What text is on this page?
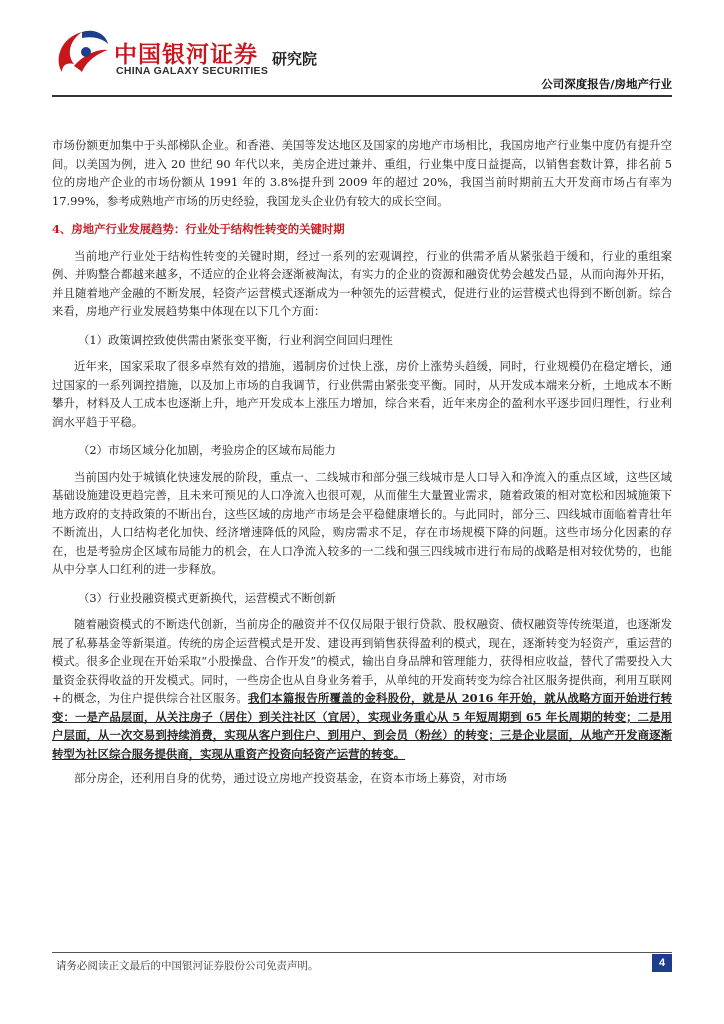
中国银河证券
CHINA GALAXY SECURITIES
研究院
公司深度报告/房地产行业

市场份额更加集中于头部梯队企业。和香港、美国等发达地区及国家的房地产市场相比，我国房地产行业集中度仍有提升空间。以美国为例，进入 20 世纪 90 年代以来，美房企进过兼并、重组，行业集中度日益提高，以销售套数计算，排名前 5 位的房地产企业的市场份额从 1991 年的 3.8%提升到 2009 年的超过 20%，我国当前时期前五大开发商市场占有率为 17.99%，参考成熟地产市场的历史经验，我国龙头企业仍有较大的成长空间。

4、房地产行业发展趋势：行业处于结构性转变的关键时期

当前地产行业处于结构性转变的关键时期，经过一系列的宏观调控，行业的供需矛盾从紧张趋于缓和，行业的重组案例、并购整合都越来越多，不适应的企业将会逐渐被淘汰，有实力的企业的资源和融资优势会越发凸显，从而向海外开拓，并且随着地产金融的不断发展，轻资产运营模式逐渐成为一种领先的运营模式，促进行业的运营模式也得到不断创新。综合来看，房地产行业发展趋势集中体现在以下几个方面：

（1）政策调控致使供需由紧张变平衡，行业利润空间回归理性

近年来，国家采取了很多卓然有效的措施，遏制房价过快上涨，房价上涨势头趋缓，同时，行业规模仍在稳定增长，通过国家的一系列调控措施，以及加上市场的自我调节，行业供需由紧张变平衡。同时，从开发成本端来分析，土地成本不断攀升，材料及人工成本也逐渐上升，地产开发成本上涨压力增加，综合来看，近年来房企的盈利水平逐步回归理性，行业利润水平趋于平稳。

（2）市场区域分化加剧，考验房企的区域布局能力

当前国内处于城镇化快速发展的阶段，重点一、二线城市和部分强三线城市是人口导入和净流入的重点区域，这些区域基础设施建设更趋完善，且未来可预见的人口净流入也很可观，从而催生大量置业需求，随着政策的相对宽松和因城施策下地方政府的支持政策的不断出台，这些区域的房地产市场是会平稳健康增长的。与此同时，部分三、四线城市面临着青壮年不断流出，人口结构老化加快、经济增速降低的风险，购房需求不足，存在市场规模下降的问题。这些市场分化因素的存在，也是考验房企区域布局能力的机会，在人口净流入较多的一二线和强三四线城市进行布局的战略是相对较优势的，也能从中分享人口红利的进一步释放。

（3）行业投融资模式更新换代，运营模式不断创新

随着融资模式的不断迭代创新，当前房企的融资并不仅仅局限于银行贷款、股权融资、债权融资等传统渠道，也逐渐发展了私募基金等新渠道。传统的房企运营模式是开发、建设再到销售获得盈利的模式，现在，逐渐转变为轻资产，重运营的模式。很多企业现在开始采取“小股操盘、合作开发”的模式，输出自身品牌和管理能力，获得相应收益，替代了需要投入大量资金获得收益的开发模式。同时，一些房企也从自身业务着手，从单纯的开发商转变为综合社区服务提供商，利用互联网+的概念，为住户提供综合社区服务。我们本篇报告所覆盖的金科股份，就是从 2016 年开始，就从战略方面开始进行转变：一是产品层面，从关注房子（居住）到关注社区（宜居），实现业务重心从 5 年短周期到 65 年长周期的转变；二是用户层面，从一次交易到持续消费，实现从客户到住户、到用户、到会员（粉丝）的转变；三是企业层面，从地产开发商逐渐转型为社区综合服务提供商，实现从重资产投资向轻资产运营的转变。

部分房企，还利用自身的优势，通过设立房地产投资基金，在资本市场上募资，对市场

请务必阅读正文最后的中国银河证券股份公司免责声明。	4
